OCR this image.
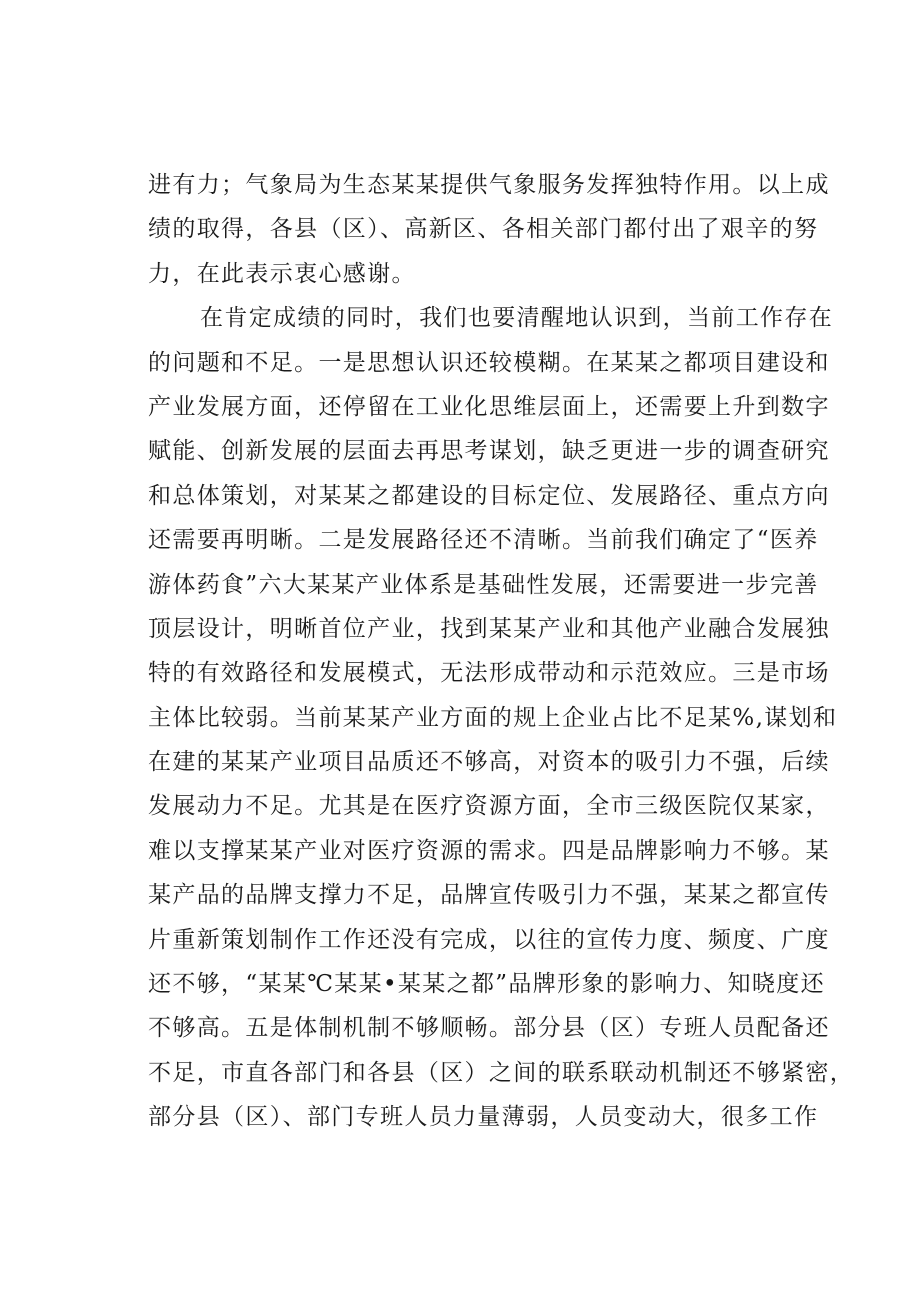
进有力；气象局为生态某某提供气象服务发挥独特作用。以上成
绩的取得，各县（区）、高新区、各相关部门都付出了艰辛的努
力，在此表示衷心感谢。
在肯定成绩的同时，我们也要清醒地认识到，当前工作存在
的问题和不足。一是思想认识还较模糊。在某某之都项目建设和
产业发展方面，还停留在工业化思维层面上，还需要上升到数字
赋能、创新发展的层面去再思考谋划，缺乏更进一步的调查研究
和总体策划，对某某之都建设的目标定位、发展路径、重点方向
还需要再明晰。二是发展路径还不清晰。当前我们确定了“医养
游体药食”六大某某产业体系是基础性发展，还需要进一步完善
顶层设计，明晰首位产业，找到某某产业和其他产业融合发展独
特的有效路径和发展模式，无法形成带动和示范效应。三是市场
主体比较弱。当前某某产业方面的规上企业占比不足某%,谋划和
在建的某某产业项目品质还不够高，对资本的吸引力不强，后续
发展动力不足。尤其是在医疗资源方面，全市三级医院仅某家，
难以支撑某某产业对医疗资源的需求。四是品牌影响力不够。某
某产品的品牌支撑力不足，品牌宣传吸引力不强，某某之都宣传
片重新策划制作工作还没有完成，以往的宣传力度、频度、广度
还不够，“某某℃某某•某某之都”品牌形象的影响力、知晓度还
不够高。五是体制机制不够顺畅。部分县（区）专班人员配备还
不足，市直各部门和各县（区）之间的联系联动机制还不够紧密，
部分县（区）、部门专班人员力量薄弱，人员变动大，很多工作
